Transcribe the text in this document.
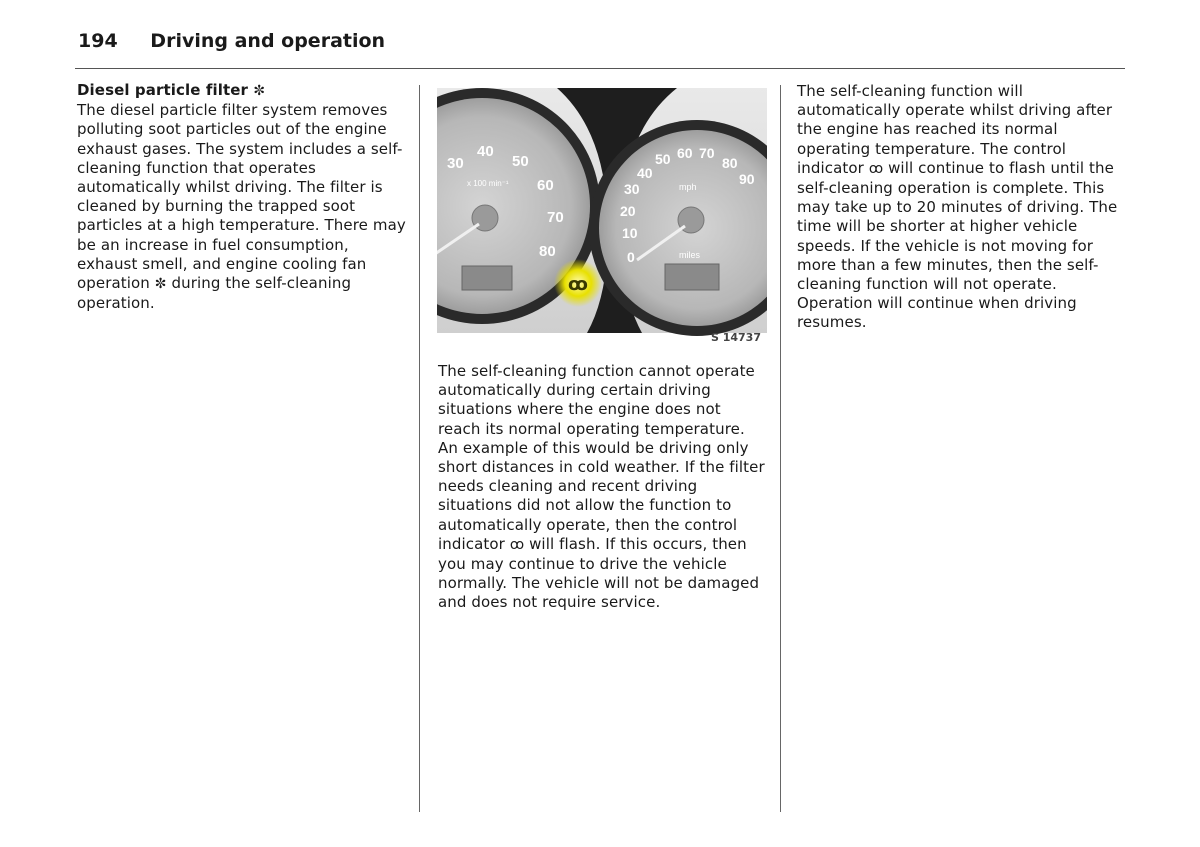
194 Driving and operation

Diesel particle filter ✼

The diesel particle filter system removes polluting soot particles out of the engine exhaust gases. The system includes a self-cleaning function that operates automatically whilst driving. The filter is cleaned by burning the trapped soot particles at a high temperature. There may be an increase in fuel consumption, exhaust smell, and engine cooling fan operation ✼ during the self-cleaning operation.

30
40
50
60
70
80
x 100 min⁻¹
0
10
20
30
40
50 60 70
80
90
mph
miles
ꝏ
S 14737

The self-cleaning function cannot operate automatically during certain driving situations where the engine does not reach its normal operating temperature. An example of this would be driving only short distances in cold weather. If the filter needs cleaning and recent driving situations did not allow the function to automatically operate, then the control indicator ꝏ will flash. If this occurs, then you may continue to drive the vehicle normally. The vehicle will not be damaged and does not require service.

The self-cleaning function will automatically operate whilst driving after the engine has reached its normal operating temperature. The control indicator ꝏ will continue to flash until the self-cleaning operation is complete. This may take up to 20 minutes of driving. The time will be shorter at higher vehicle speeds. If the vehicle is not moving for more than a few minutes, then the self-cleaning function will not operate. Operation will continue when driving resumes.
